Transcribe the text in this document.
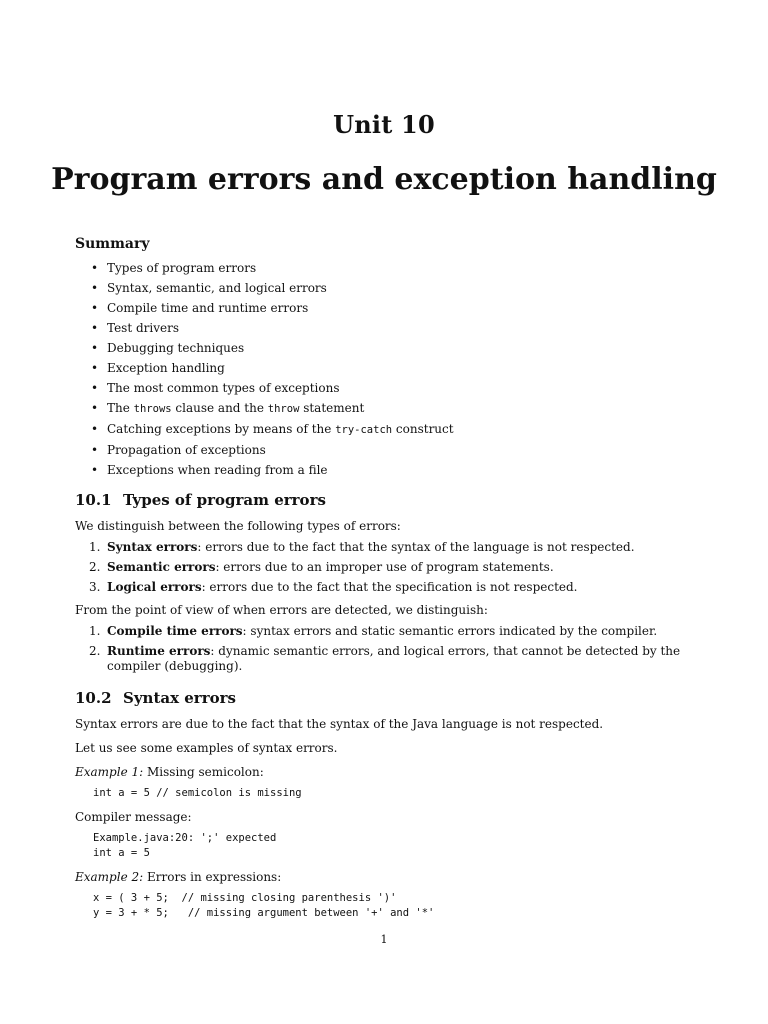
Unit 10
Program errors and exception handling
Summary
• Types of program errors
• Syntax, semantic, and logical errors
• Compile time and runtime errors
• Test drivers
• Debugging techniques
• Exception handling
• The most common types of exceptions
• The throws clause and the throw statement
• Catching exceptions by means of the try-catch construct
• Propagation of exceptions
• Exceptions when reading from a file
10.1 Types of program errors

We distinguish between the following types of errors:

1. Syntax errors: errors due to the fact that the syntax of the language is not respected.
2. Semantic errors: errors due to an improper use of program statements.
3. Logical errors: errors due to the fact that the specification is not respected.

From the point of view of when errors are detected, we distinguish:

1. Compile time errors: syntax errors and static semantic errors indicated by the compiler.
2. Runtime errors: dynamic semantic errors, and logical errors, that cannot be detected by the compiler (debugging).
10.2 Syntax errors

Syntax errors are due to the fact that the syntax of the Java language is not respected.

Let us see some examples of syntax errors.

Example 1: Missing semicolon:

int a = 5 // semicolon is missing

Compiler message:

Example.java:20: ';' expected
int a = 5

Example 2: Errors in expressions:

x = ( 3 + 5;  // missing closing parenthesis ')'
y = 3 + * 5;   // missing argument between '+' and '*'
1
